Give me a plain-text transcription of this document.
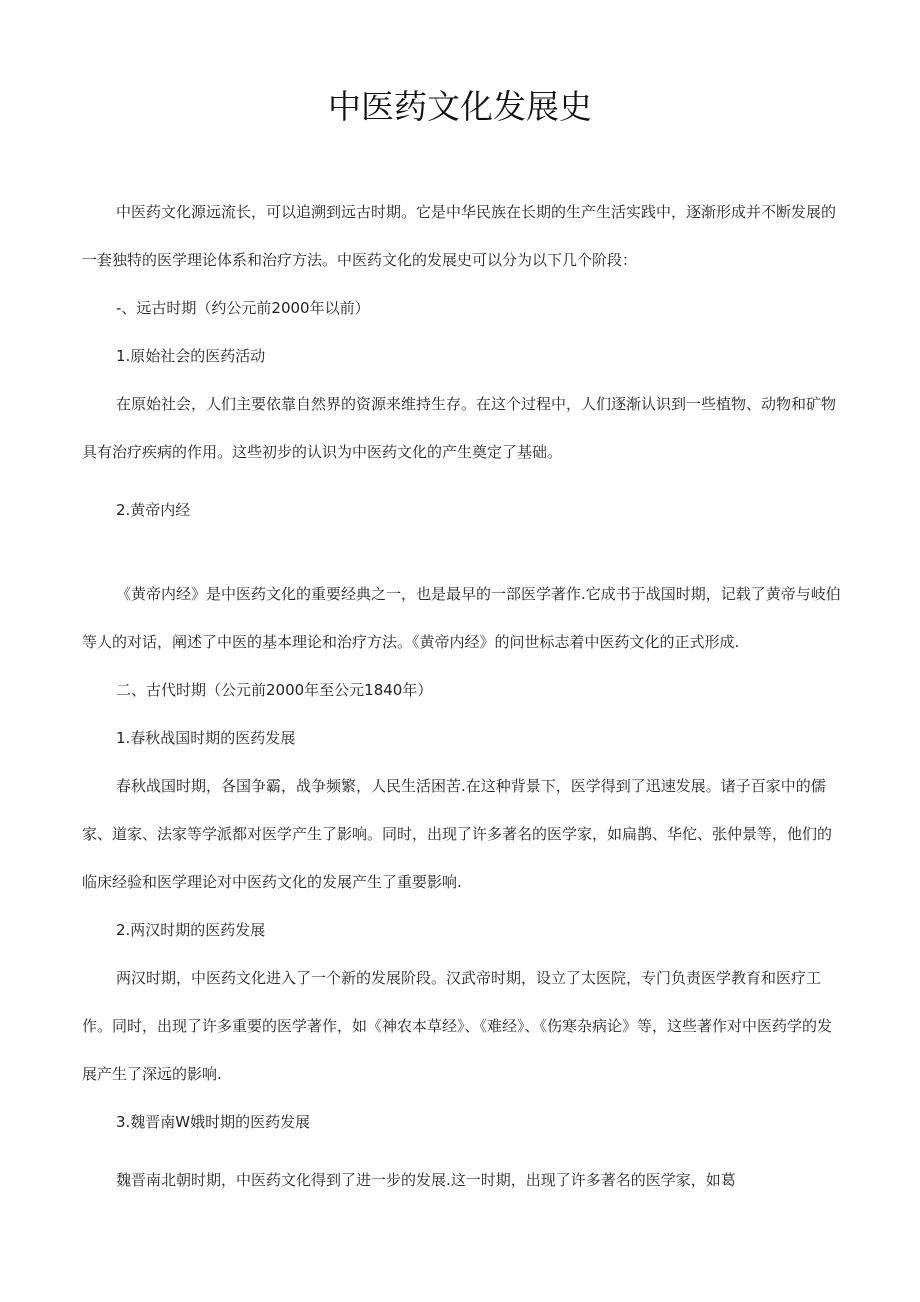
中医药文化发展史

中医药文化源远流长，可以追溯到远古时期。它是中华民族在长期的生产生活实践中，逐渐形成并不断发展的一套独特的医学理论体系和治疗方法。中医药文化的发展史可以分为以下几个阶段：

-、远古时期（约公元前2000年以前）
1.原始社会的医药活动

在原始社会，人们主要依靠自然界的资源来维持生存。在这个过程中，人们逐渐认识到一些植物、动物和矿物具有治疗疾病的作用。这些初步的认识为中医药文化的产生奠定了基础。

2.黄帝内经

《黄帝内经》是中医药文化的重要经典之一，也是最早的一部医学著作.它成书于战国时期，记载了黄帝与岐伯等人的对话，阐述了中医的基本理论和治疗方法。《黄帝内经》的问世标志着中医药文化的正式形成.

二、古代时期（公元前2000年至公元1840年）
1.春秋战国时期的医药发展

春秋战国时期，各国争霸，战争频繁，人民生活困苦.在这种背景下，医学得到了迅速发展。诸子百家中的儒家、道家、法家等学派都对医学产生了影响。同时，出现了许多著名的医学家，如扁鹊、华佗、张仲景等，他们的临床经验和医学理论对中医药文化的发展产生了重要影响.

2.两汉时期的医药发展

两汉时期，中医药文化进入了一个新的发展阶段。汉武帝时期，设立了太医院，专门负责医学教育和医疗工作。同时，出现了许多重要的医学著作，如《神农本草经》、《难经》、《伤寒杂病论》等，这些著作对中医药学的发展产生了深远的影响.

3.魏晋南W娥时期的医药发展

魏晋南北朝时期，中医药文化得到了进一步的发展.这一时期，出现了许多著名的医学家，如葛
